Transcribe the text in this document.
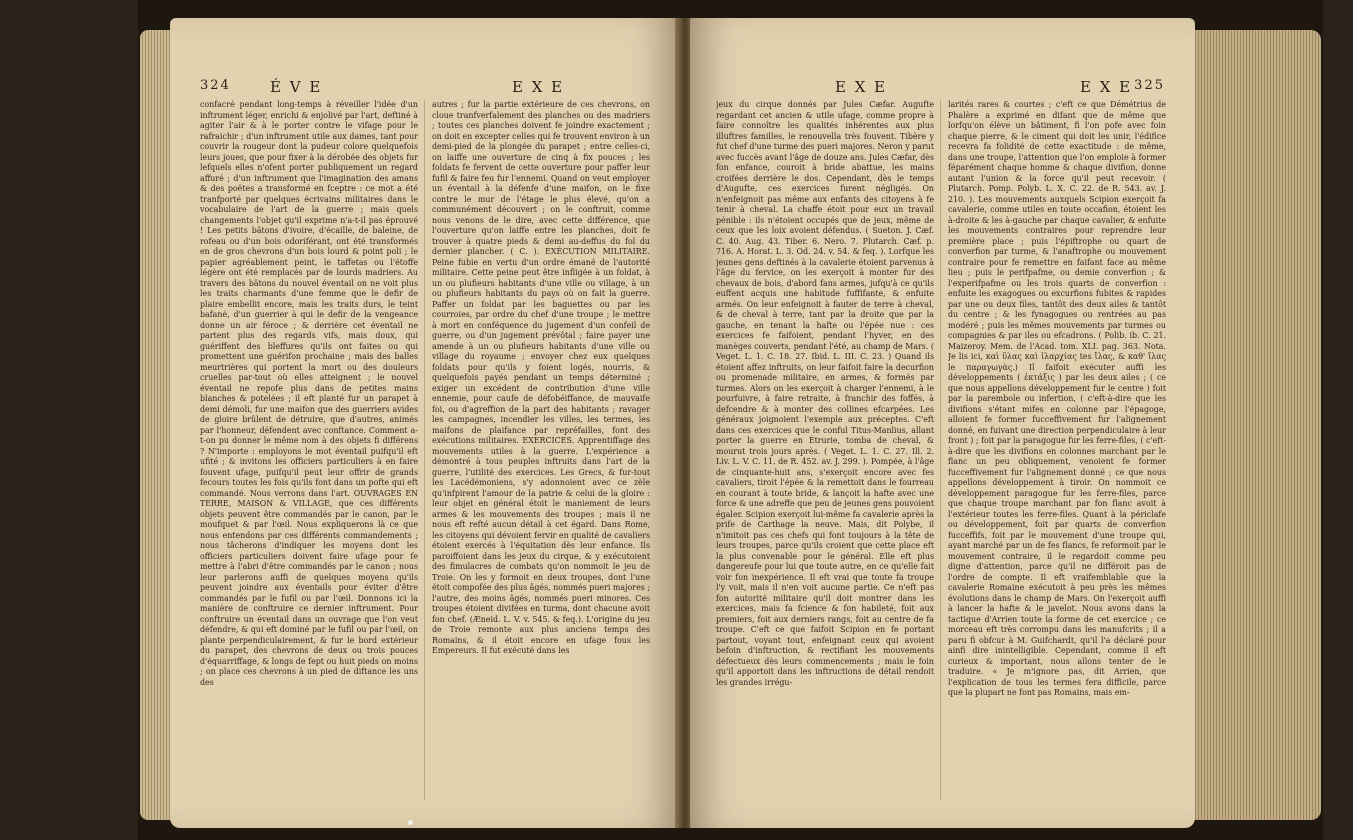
324	É V E	E X E
confacré pendant long-temps à réveiller l'idée d'un inftrument léger, enrichi & enjolivé par l'art, deftiné à agiter l'air & à le porter contre le vifage pour le rafraichir ; d'un inftrument utile aux dames, tant pour couvrir la rougeur dont la pudeur colore quelquefois leurs joues, que pour fixer à la dérobée des objets fur lefquels elles n'ofent porter publiquement un regard affuré ; d'un inftrument que l'imagination des amans & des poëtes a transformé en fceptre : ce mot a été tranfporté par quelques écrivains militaires dans le vocabulaire de l'art de la guerre ; mais quels changements l'objet qu'il exprime n'a-t-il pas éprouvé ! Les petits bâtons d'ivoire, d'écaille, de baleine, de rofeau ou d'un bois odoriférant, ont été transformés en de gros chevrons d'un bois lourd & point poli ; le papier agréablement peint, le taffetas ou l'étoffe légère ont été remplacés par de lourds madriers. Au travers des bâtons du nouvel éventail on ne voit plus les traits charmants d'une femme que le defir de plaire embellit encore, mais les traits durs, le teint bafané, d'un guerrier à qui le defir de la vengeance donne un air féroce ; & derrière cet éventail ne partent plus des regards vifs, mais doux, qui guériffent des bleffures qu'ils ont faites ou qui promettent une guérifon prochaine ; mais des balles meurtrières qui portent la mort ou des douleurs cruelles par-tout où elles atteignent ; le nouvel éventail ne repofe plus dans de petites mains blanches & potelées ; il eft planté fur un parapet à demi démoli, fur une maifon que des guerriers avides de gloire brûlent de détruire, que d'autres, animés par l'honneur, défendent avec conftance. Comment a-t-on pu donner le même nom à des objets fi différens ? N'importe : employons le mot éventail puifqu'il eft ufité ; & invitons les officiers particuliers à en faire fouvent ufage, puifqu'il peut leur offrir de grands fecours toutes les fois qu'ils font dans un pofte qui eft commandé. Nous verrons dans l'art. OUVRAGES EN TERRE, MAISON & VILLAGE, que ces différents objets peuvent être commandés par le canon, par le moufquet & par l'œil. Nous expliquerons là ce que nous entendons par ces différents commandements ; nous tâcherons d'indiquer les moyens dont les officiers particuliers doivent faire ufage pour fe mettre à l'abri d'être commandés par le canon ; nous leur parlerons auffi de quelques moyens qu'ils peuvent joindre aux éventails pour éviter d'être commandés par le fufil ou par l'œil. Donnons ici la manière de conftruire ce dernier inftrument. Pour conftruire un éventail dans un ouvrage que l'on veut défendre, & qui eft dominé par le fufil ou par l'œil, on plante perpendiculairement, & fur le bord extérieur du parapet, des chevrons de deux ou trois pouces d'équarriffage, & longs de fept ou huit pieds on moins ; on place ces chevrons à un pied de diftance les uns des
autres ; fur la partie extérieure de ces chevrons, on cloue tranfverfalement des planches ou des madriers ; toutes ces planches doivent fe joindre exactement ; on doit en excepter celles qui fe trouvent environ à un demi-pied de la plongée du parapet ; entre celles-ci, on laiffe une ouverture de cinq à fix pouces ; les foldats fe fervent de cette ouverture pour paffer leur fufil & faire feu fur l'ennemi. Quand on veut employer un éventail à la défenfe d'une maifon, on le fixe contre le mur de l'étage le plus élevé, qu'on a communément découvert ; on le conftruit, comme nous venons de le dire, avec cette différence, que l'ouverture qu'on laiffe entre les planches, doit fe trouver à quatre pieds & demi au-deffus du fol du dernier plancher. ( C. ). EXÉCUTION MILITAIRE. Peine fubie en vertu d'un ordre émané de l'autorité militaire. Cette peine peut être infligée à un foldat, à un ou plufieurs habitants d'une ville ou village, à un ou plufieurs habitants du pays où on fait la guerre. Paffer un foldat par les baguettes ou par les courroies, par ordre du chef d'une troupe ; le mettre à mort en conféquence du jugement d'un confeil de guerre, ou d'un jugement prévôtal ; faire payer une amende à un ou plufieurs habitants d'une ville ou village du royaume ; envoyer chez eux quelques foldats pour qu'ils y foient logés, nourris, & quelquefois payés pendant un temps déterminé ; exiger un excédent de contribution d'une ville ennemie, pour caufe de défobéiffance, de mauvaife foi, ou d'agreffion de la part des habitants ; ravager les campagnes, incendier les villes, les termes, les maifons de plaifance par repréfailles, font des exécutions militaires. EXERCICES. Apprentiffage des mouvements utiles à la guerre. L'expérience a démontré à tous peuples inftruits dans l'art de la guerre, l'utilité des exercices. Les Grecs, & fur-tout les Lacédémoniens, s'y adonnoient avec ce zèle qu'infpirent l'amour de la patrie & celui de la gloire : leur objet en général étoit le maniement de leurs armes & les mouvements des troupes ; mais il ne nous eft refté aucun détail à cet égard. Dans Rome, les citoyens qui dévoient fervir en qualité de cavaliers étoient exercés à l'équitation dès leur enfance. Ils paroiffoient dans les jeux du cirque, & y exécutoient des fimulacres de combats qu'on nommoit le jeu de Troie. On les y formoit en deux troupes, dont l'une étoit compofée des plus âgés, nommés pueri majores ; l'autre, des moins âgés, nommés pueri minores. Ces troupes étoient divifées en turma, dont chacune avoit fon chef. (Æneid. L. V. v. 545. & feq.). L'origine du jeu de Troie remonte aux plus anciens temps des Romains, & il étoit encore en ufage fous les Empereurs. Il fut exécuté dans les
E X E	E X E 325
jeux du cirque donnés par Jules Cæfar. Augufte regardant cet ancien & utile ufage, comme propre à faire connoître les qualités inhérentes aux plus illuftres familles, le renouvella très fouvent. Tibère y fut chef d'une turme des pueri majores. Neron y parut avec fuccès avant l'âge de douze ans. Jules Cæfar, dès fon enfance, couroit à bride abattue, les mains croifées derrière le dos. Cependant, dès le temps d'Augufte, ces exercices furent négligés. On n'enfeignoit pas même aux enfants des citoyens à fe tenir à cheval. La chaffe étoit pour eux un travail pénible : ils n'étoient occupés que de jeux, même de ceux que les loix avoient défendus. ( Sueton. J. Cæf. C. 40. Aug. 43. Tiber. 6. Nero. 7. Plutarch. Cæf. p. 716. A. Horat. L. 3. Od. 24. v. 54. & feq. ). Lorfque les jeunes gens deftinés à la cavalerie étoient parvenus à l'âge du fervice, on les exerçoit à monter fur des chevaux de bois, d'abord fans armes, jufqu'à ce qu'ils euffent acquis une habitude fuffifante, & enfuite armés. On leur enfeignoit à fauter de terre à cheval, & de cheval à terre, tant par la droite que par la gauche, en tenant la hafte ou l'épée nue : ces exercices fe faifoient, pendant l'hyver, en des manèges couverts, pendant l'été, au champ de Mars. ( Veget. L. 1. C. 18. 27. Ibid. L. III. C. 23. ) Quand ils étoient affez inftruits, on leur faifoit faire la decurfion ou promenade militaire, en armes, & formés par turmes. Alors on les exerçoit à charger l'ennemi, à le pourfuivre, à faire retraite, à franchir des foffés, à defcendre & à monter des collines efcarpées. Les généraux joignoient l'exemple aux préceptes. C'eft dans ces exercices que le conful Titus-Manlius, allant porter la guerre en Étrurie, tomba de cheval, & mourut trois jours après. ( Veget. L. 1. C. 27. Ill. 2. Liv. L. V. C. 11. de R. 452. av. J. 299. ). Pompée, à l'âge de cinquante-huit ans, s'exerçoit encore avec fes cavaliers, tiroit l'épée & la remettoit dans le fourreau en courant à toute bride, & lançoit la hafte avec une force & une adreffe que peu de jeunes gens pouvoient égaler. Scipion exerçoit lui-même fa cavalerie après la prife de Carthage la neuve. Mais, dit Polybe, il n'imitoit pas ces chefs qui font toujours à la tête de leurs troupes, parce qu'ils croient que cette place eft la plus convenable pour le général. Elle eft plus dangereufe pour lui que toute autre, en ce qu'elle fait voir fon inexpérience. Il eft vrai que toute fa troupe l'y voit, mais il n'en voit aucune partie. Ce n'eft pas fon autorité militaire qu'il doit montrer dans les exercices, mais fa fcience & fon habileté, foit aux premiers, foit aux derniers rangs, foit au centre de fa troupe. C'eft ce que faifoit Scipion en fe portant partout, voyant tout, enfeignant ceux qui avoient befoin d'inftruction, & rectifiant les mouvements défectueux dès leurs commencements ; mais le foin qu'il apportoit dans les inftructions de détail rendoit les grandes irrégu-
larités rares & courtes ; c'eft ce que Démétrius de Phalère a exprimé en difant que de même que lorfqu'on élève un bâtiment, fi l'on pofe avec foin chaque pierre, & le ciment qui doit les unir, l'édifice recevra fa folidité de cette exactitude : de même, dans une troupe, l'attention que l'on emploie à former féparément chaque homme & chaque divifion, donne autant l'union & la force qu'il peut recevoir. ( Plutarch. Pomp. Polyb. L. X. C. 22. de R. 543. av. J. 210. ). Les mouvements auxquels Scipion exerçoit fa cavalerie, comme utiles en toute occafion, étoient les à-droite & les à-gauche par chaque cavalier, & enfuite les mouvements contraires pour reprendre leur première place ; puis l'épiftrophe ou quart de converfion par turme, & l'anaftrophe ou mouvement contraire pour fe remettre en faifant face au même lieu ; puis le perifpafme, ou demie converfion ; & l'experifpafme ou les trois quarts de converfion : enfuite les exagogues ou excurfions fubites & rapides par une ou deux files, tantôt des deux ailes & tantôt du centre ; & les fynagogues ou rentrées au pas modéré ; puis les mêmes mouvements par turmes ou compagnies & par iles ou efcadrons. ( Polib. ib. C. 21. Maizeroy. Mem. de l'Acad. tom. XLI. pag. 363. Nota. Je lis ici, καὶ ὕλας καὶ ἰλαρχίας tes ἴλας, & καθ' ἴλας le παραγωγὰς.) Il faifoit exécuter auffi les développements ( ἐκτάξις ) par les deux ailes ; ( ce que nous appellons développement fur le centre ) foit par la parembole ou infertion, ( c'eft-à-dire que les divifions s'étant mifes en colonne par l'épagoge, alloient fe former fucceffivement fur l'alignement donné, en fuivant une direction perpendiculaire à leur front ) ; foit par la paragogue fur les ferre-files, ( c'eft-à-dire que les divifions en colonnes marchant par le flanc un peu obliquement, venoient fe former fucceffivement fur l'alignement donné ; ce que nous appellons développement à tiroir. On nommoit ce développement paragogue fur les ferre-files, parce que chaque troupe marchant par fon flanc avoit à l'extérieur toutes les ferre-files. Quant à la périclafe ou développement, foit par quarts de converfion fucceffifs, foit par le mouvement d'une troupe qui, ayant marché par un de fes flancs, fe reformoit par le mouvement contraire, il le regardoit comme peu digne d'attention, parce qu'il ne différoit pas de l'ordre de compte. Il eft vraifemblable que la cavalerie Romaine exécutoit à peu près les mêmes évolutions dans le champ de Mars. On l'exerçoit auffi à lancer la hafte & le javelot. Nous avons dans la tactique d'Arrien toute la forme de cet exercice ; ce morceau eft très corrompu dans les manufcrits ; il a paru fi obfcur à M. Guifchardt, qu'il l'a déclaré pour ainfi dire inintelligible. Cependant, comme il eft curieux & important, nous allons tenter de le traduire. « Je m'ignore pas, dit Arrien, que l'explication de tous les termes fera difficile, parce que la plupart ne font pas Romains, mais em-
